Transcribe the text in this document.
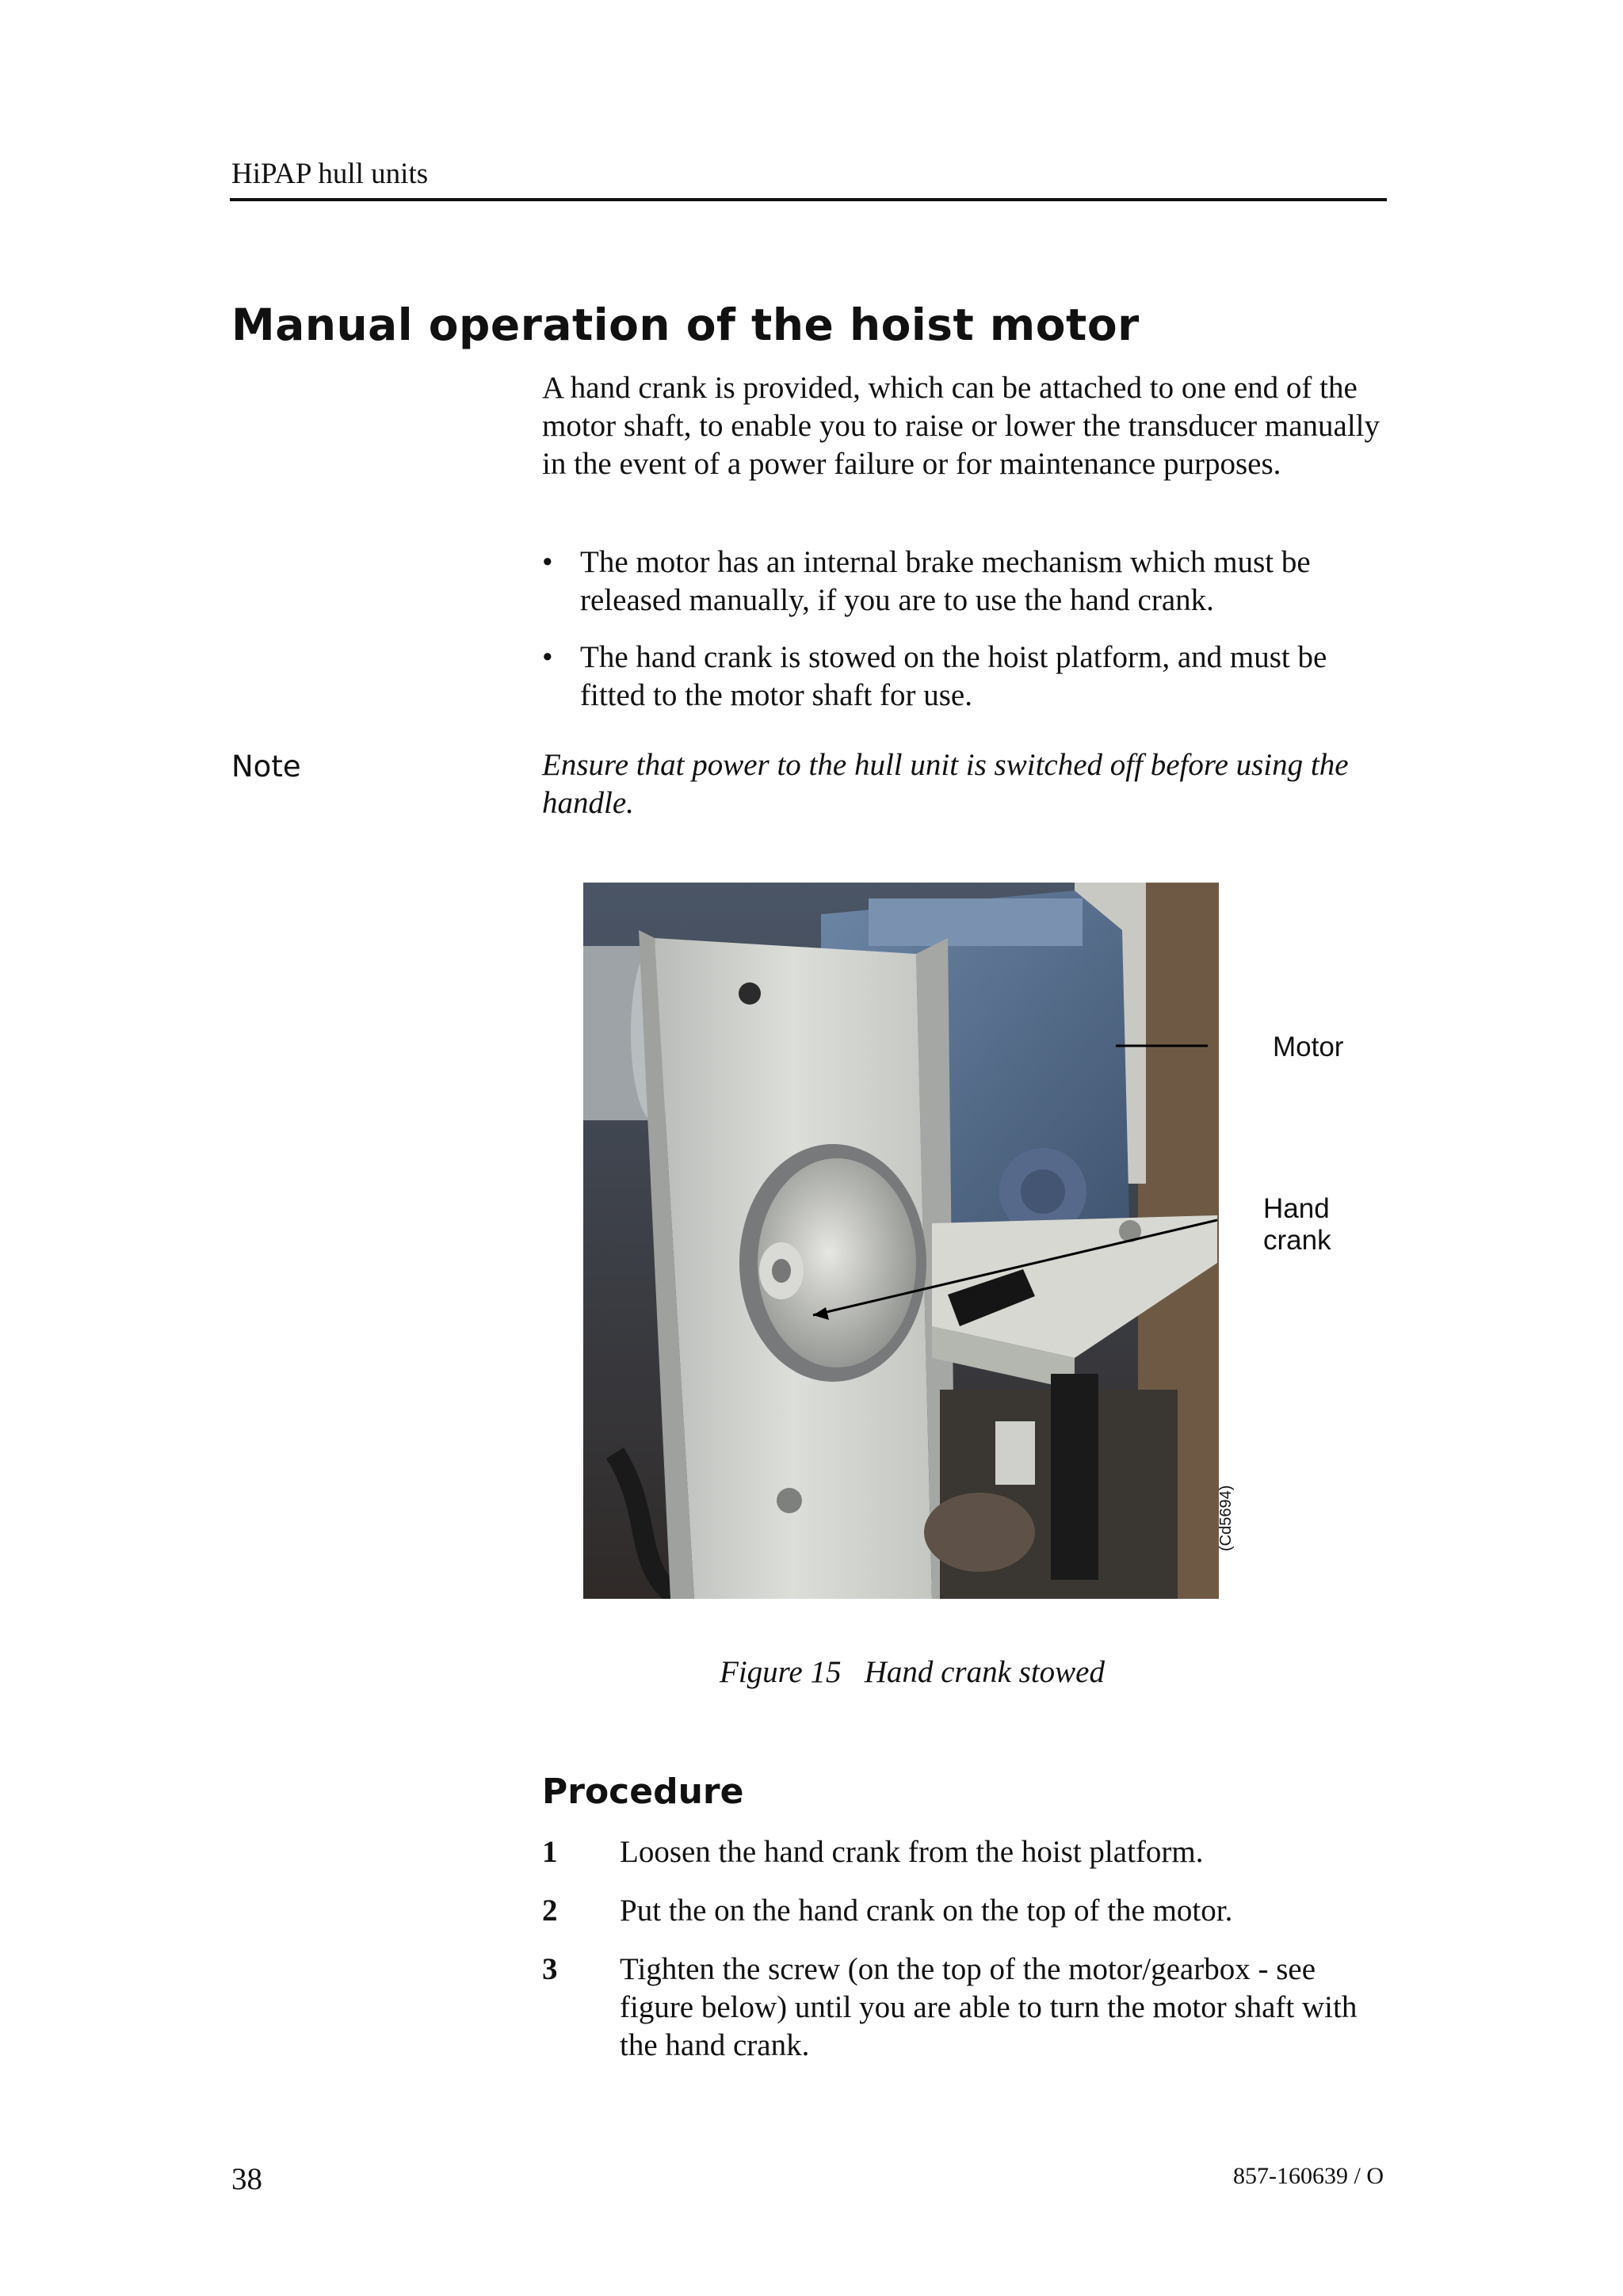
HiPAP hull units
Manual operation of the hoist motor
A hand crank is provided, which can be attached to one end of the motor shaft, to enable you to raise or lower the transducer manually in the event of a power failure or for maintenance purposes.
• The motor has an internal brake mechanism which must be released manually, if you are to use the hand crank.
• The hand crank is stowed on the hoist platform, and must be fitted to the motor shaft for use.
Note	Ensure that power to the hull unit is switched off before using the handle.
Motor
Hand
crank
(Cd5694)
Figure 15   Hand crank stowed
Procedure
1 Loosen the hand crank from the hoist platform.
2 Put the on the hand crank on the top of the motor.
3 Tighten the screw (on the top of the motor/gearbox - see figure below) until you are able to turn the motor shaft with the hand crank.
38	857-160639 / O
